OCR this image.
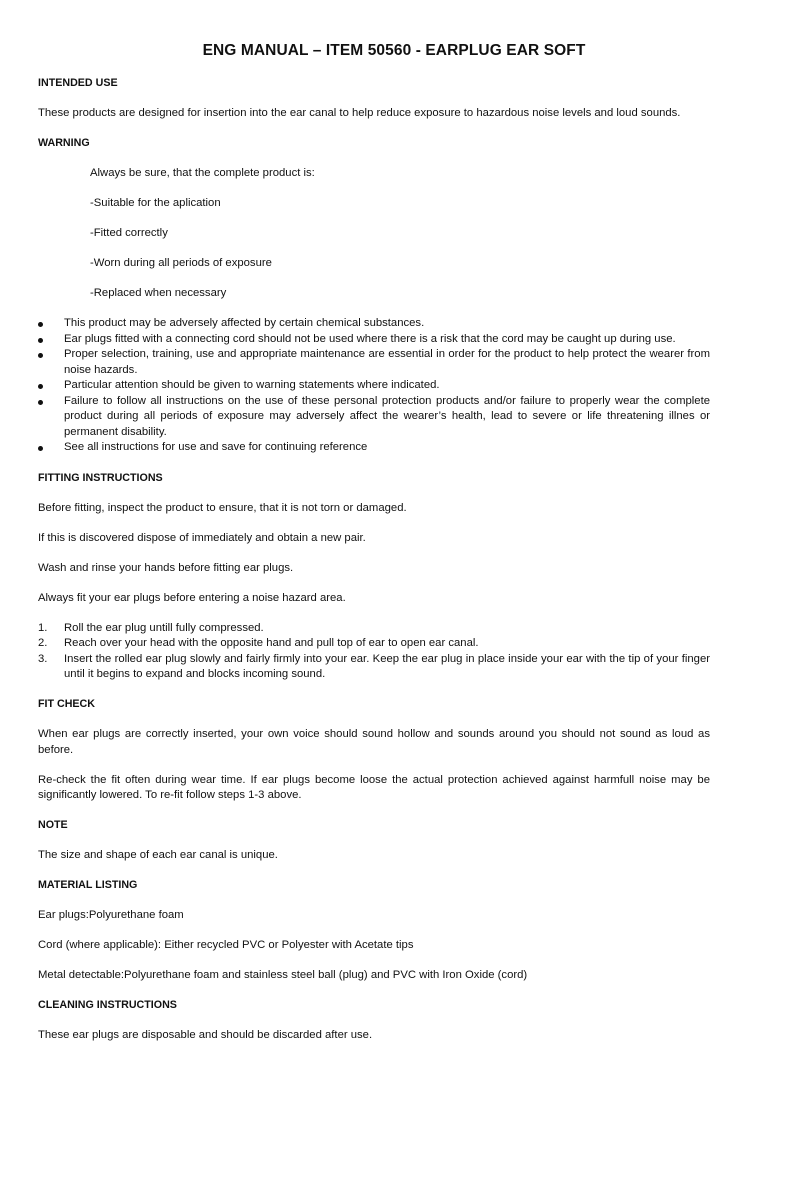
ENG MANUAL – ITEM 50560 - EARPLUG EAR SOFT
INTENDED USE
These products are designed for insertion into the ear canal to help reduce exposure to hazardous noise levels and loud sounds.
WARNING
Always be sure, that the complete product is:
-Suitable for the aplication
-Fitted correctly
-Worn during all periods of exposure
-Replaced when necessary
This product may be adversely affected by certain chemical substances.
Ear plugs fitted with a connecting cord should not be used where there is a risk that the cord may be caught up during use.
Proper selection, training, use and appropriate maintenance are essential in order for the product to help protect the wearer from noise hazards.
Particular attention should be given to warning statements where indicated.
Failure to follow all instructions on the use of these personal protection products and/or failure to properly wear the complete product during all periods of exposure may adversely affect the wearer’s health, lead to severe or life threatening illnes or permanent disability.
See all instructions for use and save for continuing reference
FITTING INSTRUCTIONS
Before fitting, inspect the product to ensure, that it is not torn or damaged.
If this is discovered dispose of immediately and obtain a new pair.
Wash and rinse your hands before fitting ear plugs.
Always fit your ear plugs before entering a noise hazard area.
1. Roll the ear plug untill fully compressed.
2. Reach over your head with the opposite hand and pull top of ear to open ear canal.
3. Insert the rolled ear plug slowly and fairly firmly into your ear. Keep the ear plug in place inside your ear with the tip of your finger until it begins to expand and blocks incoming sound.
FIT CHECK
When ear plugs are correctly inserted, your own voice should sound hollow and sounds around you should not sound as loud as before.
Re-check the fit often during wear time. If ear plugs become loose the actual protection achieved against harmfull noise may be significantly lowered. To re-fit follow steps 1-3 above.
NOTE
The size and shape of each ear canal is unique.
MATERIAL LISTING
Ear plugs:Polyurethane foam
Cord (where applicable): Either recycled PVC or Polyester with Acetate tips
Metal detectable:Polyurethane foam and stainless steel ball (plug) and PVC with Iron Oxide (cord)
CLEANING INSTRUCTIONS
These ear plugs are disposable and should be discarded after use.
